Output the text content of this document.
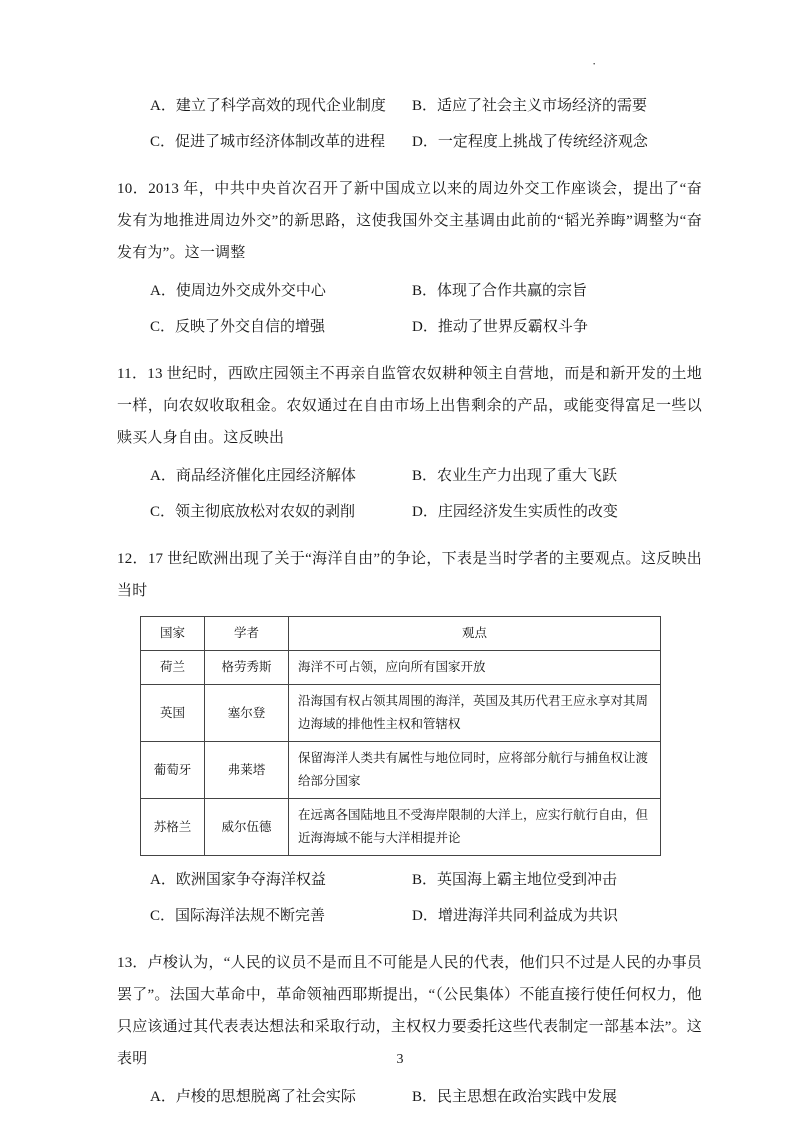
·
A．建立了科学高效的现代企业制度	B．适应了社会主义市场经济的需要
C．促进了城市经济体制改革的进程	D．一定程度上挑战了传统经济观念

10．2013 年，中共中央首次召开了新中国成立以来的周边外交工作座谈会，提出了“奋发有为地推进周边外交”的新思路，这使我国外交主基调由此前的“韬光养晦”调整为“奋发有为”。这一调整

A．使周边外交成外交中心	B．体现了合作共赢的宗旨
C．反映了外交自信的增强	D．推动了世界反霸权斗争

11．13 世纪时，西欧庄园领主不再亲自监管农奴耕种领主自营地，而是和新开发的土地一样，向农奴收取租金。农奴通过在自由市场上出售剩余的产品，或能变得富足一些以赎买人身自由。这反映出

A．商品经济催化庄园经济解体	B．农业生产力出现了重大飞跃
C．领主彻底放松对农奴的剥削	D．庄园经济发生实质性的改变

12．17 世纪欧洲出现了关于“海洋自由”的争论，下表是当时学者的主要观点。这反映出当时

国家	学者	观点
荷兰	格劳秀斯	海洋不可占领，应向所有国家开放
英国	塞尔登	沿海国有权占领其周围的海洋，英国及其历代君王应永享对其周边海域的排他性主权和管辖权
葡萄牙	弗莱塔	保留海洋人类共有属性与地位同时，应将部分航行与捕鱼权让渡给部分国家
苏格兰	威尔伍德	在远离各国陆地且不受海岸限制的大洋上，应实行航行自由，但近海海域不能与大洋相提并论
A．欧洲国家争夺海洋权益	B．英国海上霸主地位受到冲击
C．国际海洋法规不断完善	D．增进海洋共同利益成为共识

13．卢梭认为，“人民的议员不是而且不可能是人民的代表，他们只不过是人民的办事员罢了”。法国大革命中，革命领袖西耶斯提出，“（公民集体）不能直接行使任何权力，他只应该通过其代表表达想法和采取行动，主权权力要委托这些代表制定一部基本法”。这表明

A．卢梭的思想脱离了社会实际	B．民主思想在政治实践中发展
3
